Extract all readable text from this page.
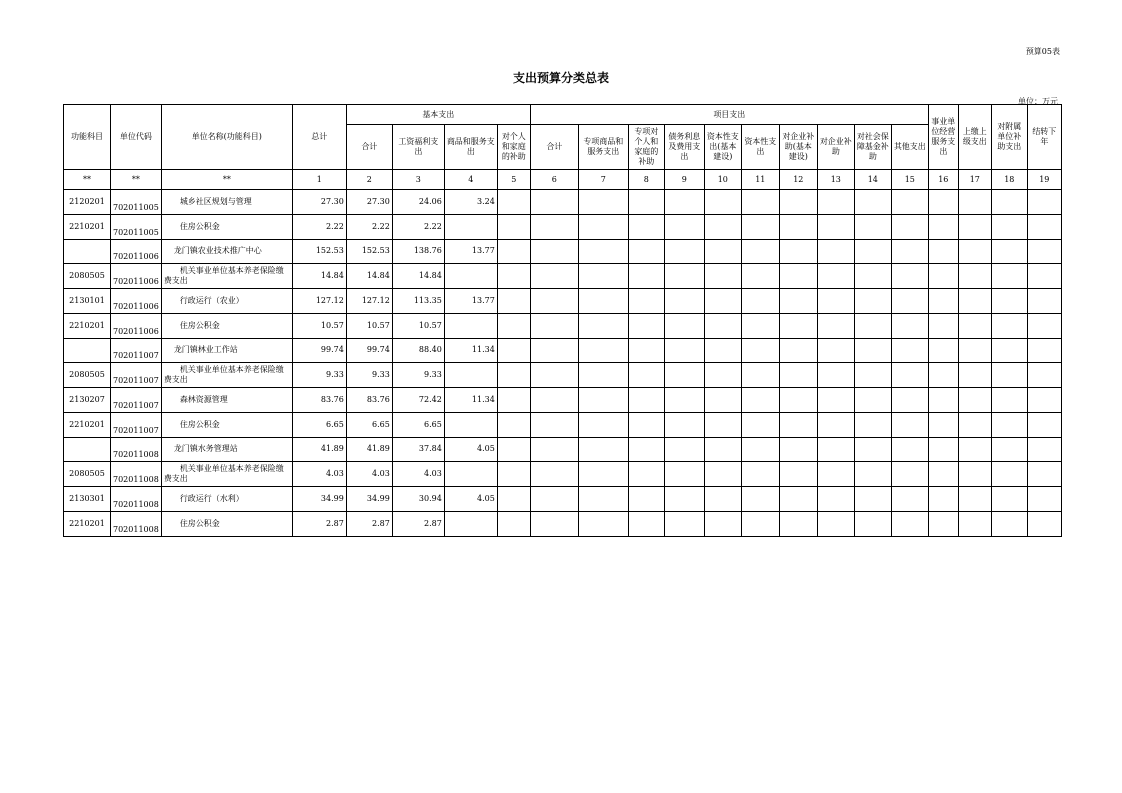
预算05表
支出预算分类总表
单位：万元
功能科目	单位代码	单位名称(功能科目)	总计	基本支出				项目支出										事业单位经营服务支出	上缴上级支出	对附属单位补助支出	结转下年
				合计	工资福利支出	商品和服务支出	对个人和家庭的补助	合计	专项商品和服务支出	专项对个人和家庭的补助	债务利息及费用支出	资本性支出(基本建设)	资本性支出	对企业补助(基本建设)	对企业补助	对社会保障基金补助	其他支出				
**	**	**	1	2	3	4	5	6	7	8	9	10	11	12	13	14	15	16	17	18	19
2120201	702011005	城乡社区规划与管理	27.30	27.30	24.06	3.24															
2210201	702011005	住房公积金	2.22	2.22	2.22																
	702011006	龙门镇农业技术推广中心	152.53	152.53	138.76	13.77															
2080505	702011006	机关事业单位基本养老保险缴费支出	14.84	14.84	14.84																
2130101	702011006	行政运行（农业）	127.12	127.12	113.35	13.77															
2210201	702011006	住房公积金	10.57	10.57	10.57																
	702011007	龙门镇林业工作站	99.74	99.74	88.40	11.34															
2080505	702011007	机关事业单位基本养老保险缴费支出	9.33	9.33	9.33																
2130207	702011007	森林资源管理	83.76	83.76	72.42	11.34															
2210201	702011007	住房公积金	6.65	6.65	6.65																
	702011008	龙门镇水务管理站	41.89	41.89	37.84	4.05															
2080505	702011008	机关事业单位基本养老保险缴费支出	4.03	4.03	4.03																
2130301	702011008	行政运行（水利）	34.99	34.99	30.94	4.05															
2210201	702011008	住房公积金	2.87	2.87	2.87																
